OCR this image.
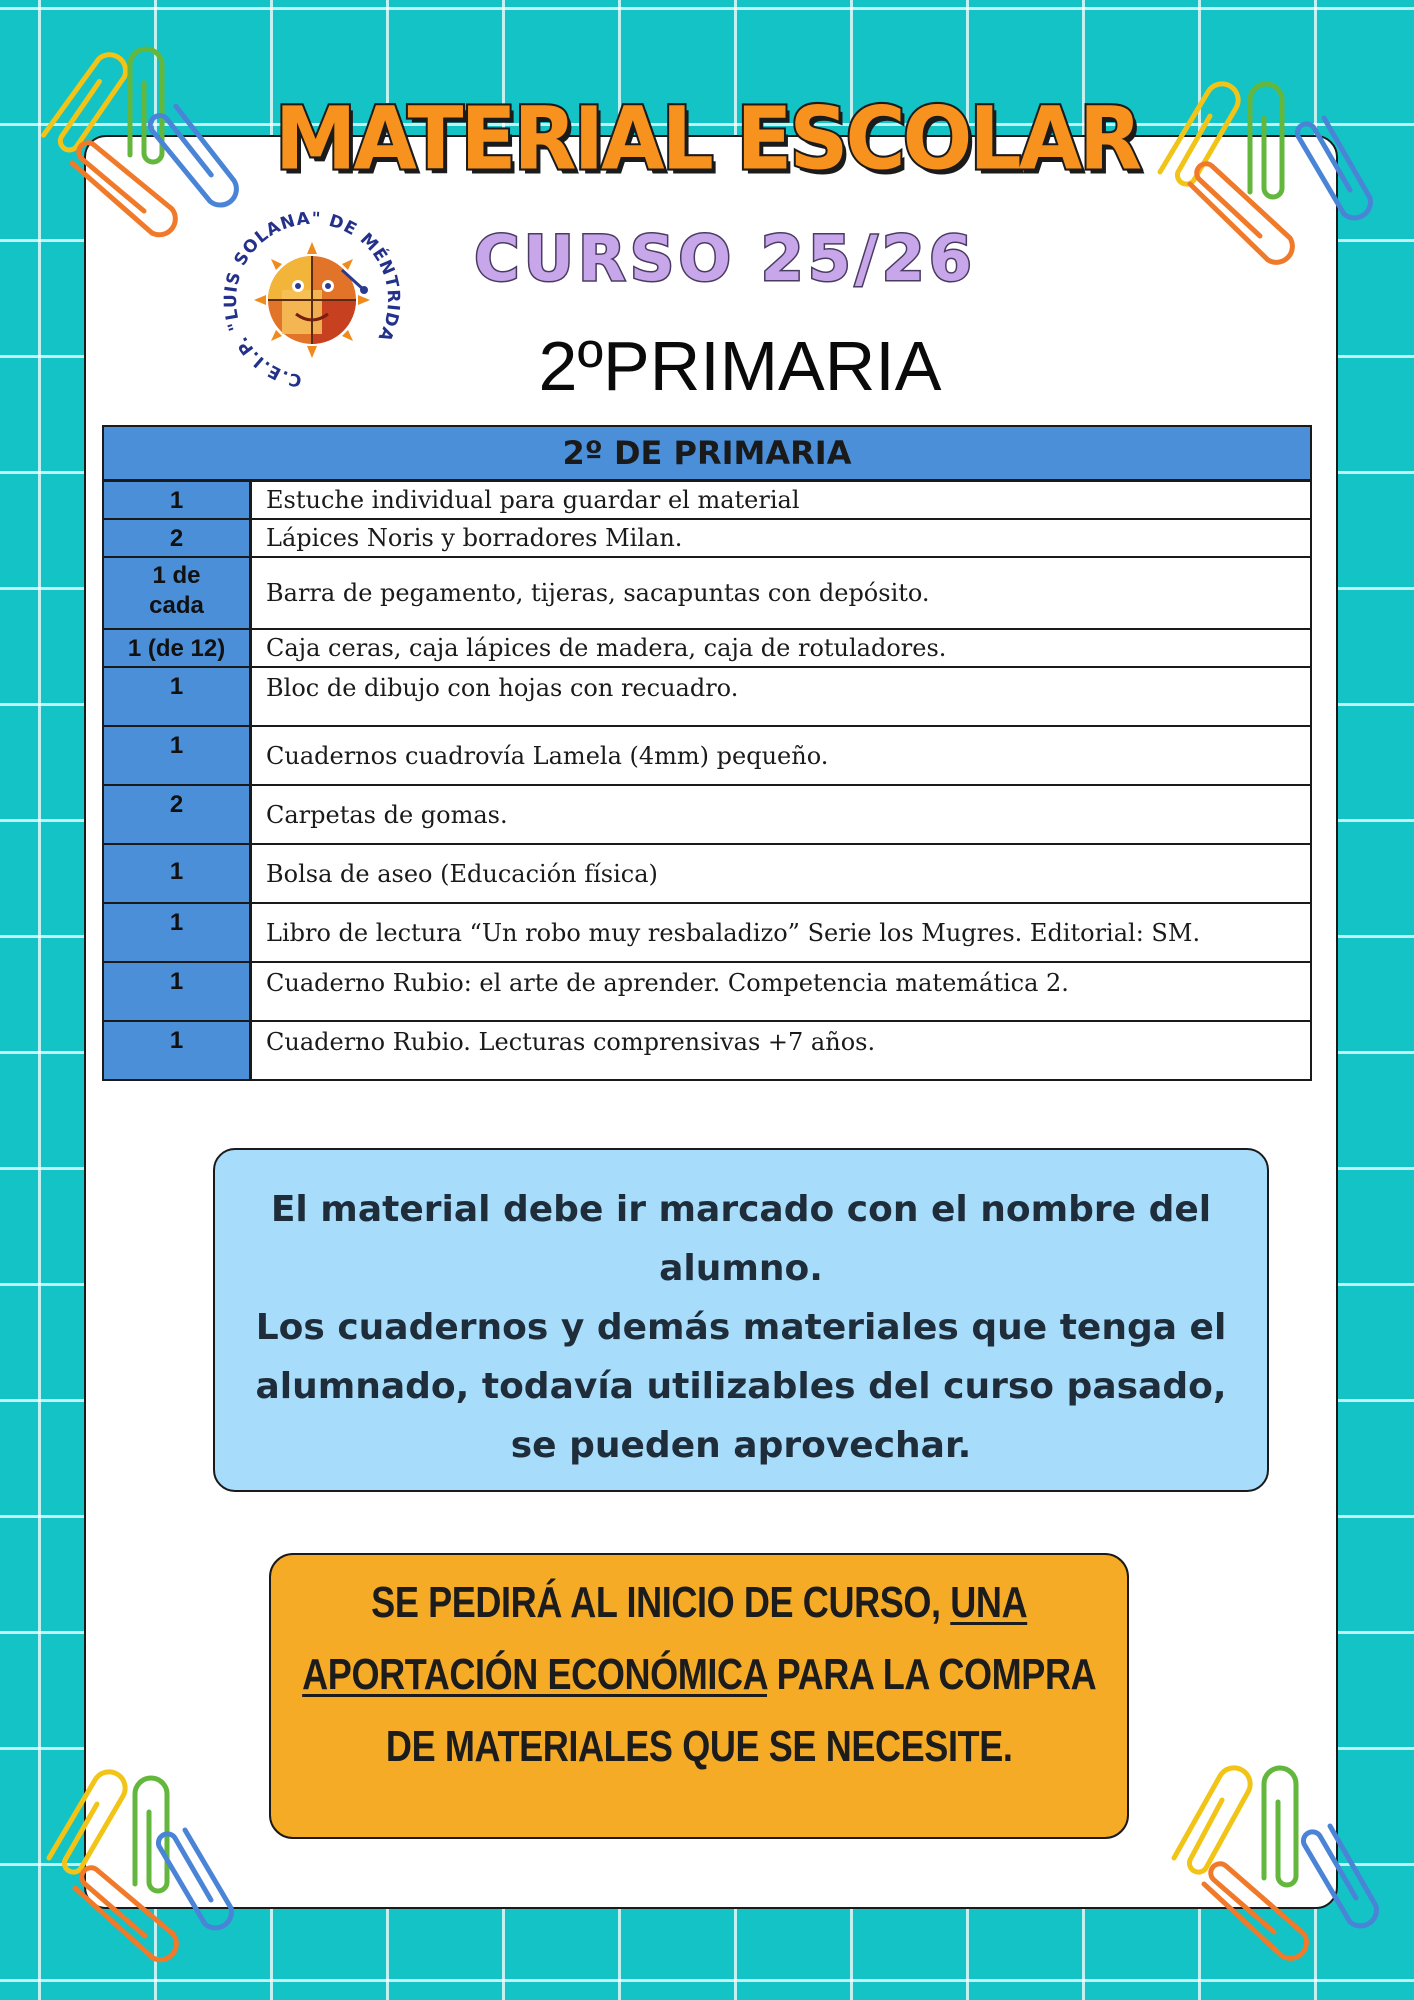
MATERIAL ESCOLAR
CURSO 25/26
2ºPRIMARIA
C.E.I.P. "LUIS SOLANA" DE MÉNTRIDA
2º DE PRIMARIA
1	Estuche individual para guardar el material
2	Lápices Noris y borradores Milan.
1 de cada	Barra de pegamento, tijeras, sacapuntas con depósito.
1 (de 12)	Caja ceras, caja lápices de madera, caja de rotuladores.
1	Bloc de dibujo con hojas con recuadro.
1	Cuadernos cuadrovía Lamela (4mm) pequeño.
2	Carpetas de gomas.
1	Bolsa de aseo (Educación física)
1	Libro de lectura “Un robo muy resbaladizo” Serie los Mugres. Editorial: SM.
1	Cuaderno Rubio: el arte de aprender. Competencia matemática 2.
1	Cuaderno Rubio. Lecturas comprensivas +7 años.

El material debe ir marcado con el nombre del alumno.

Los cuadernos y demás materiales que tenga el alumnado, todavía utilizables del curso pasado, se pueden aprovechar.

SE PEDIRÁ AL INICIO DE CURSO, UNA APORTACIÓN ECONÓMICA PARA LA COMPRA DE MATERIALES QUE SE NECESITE.
